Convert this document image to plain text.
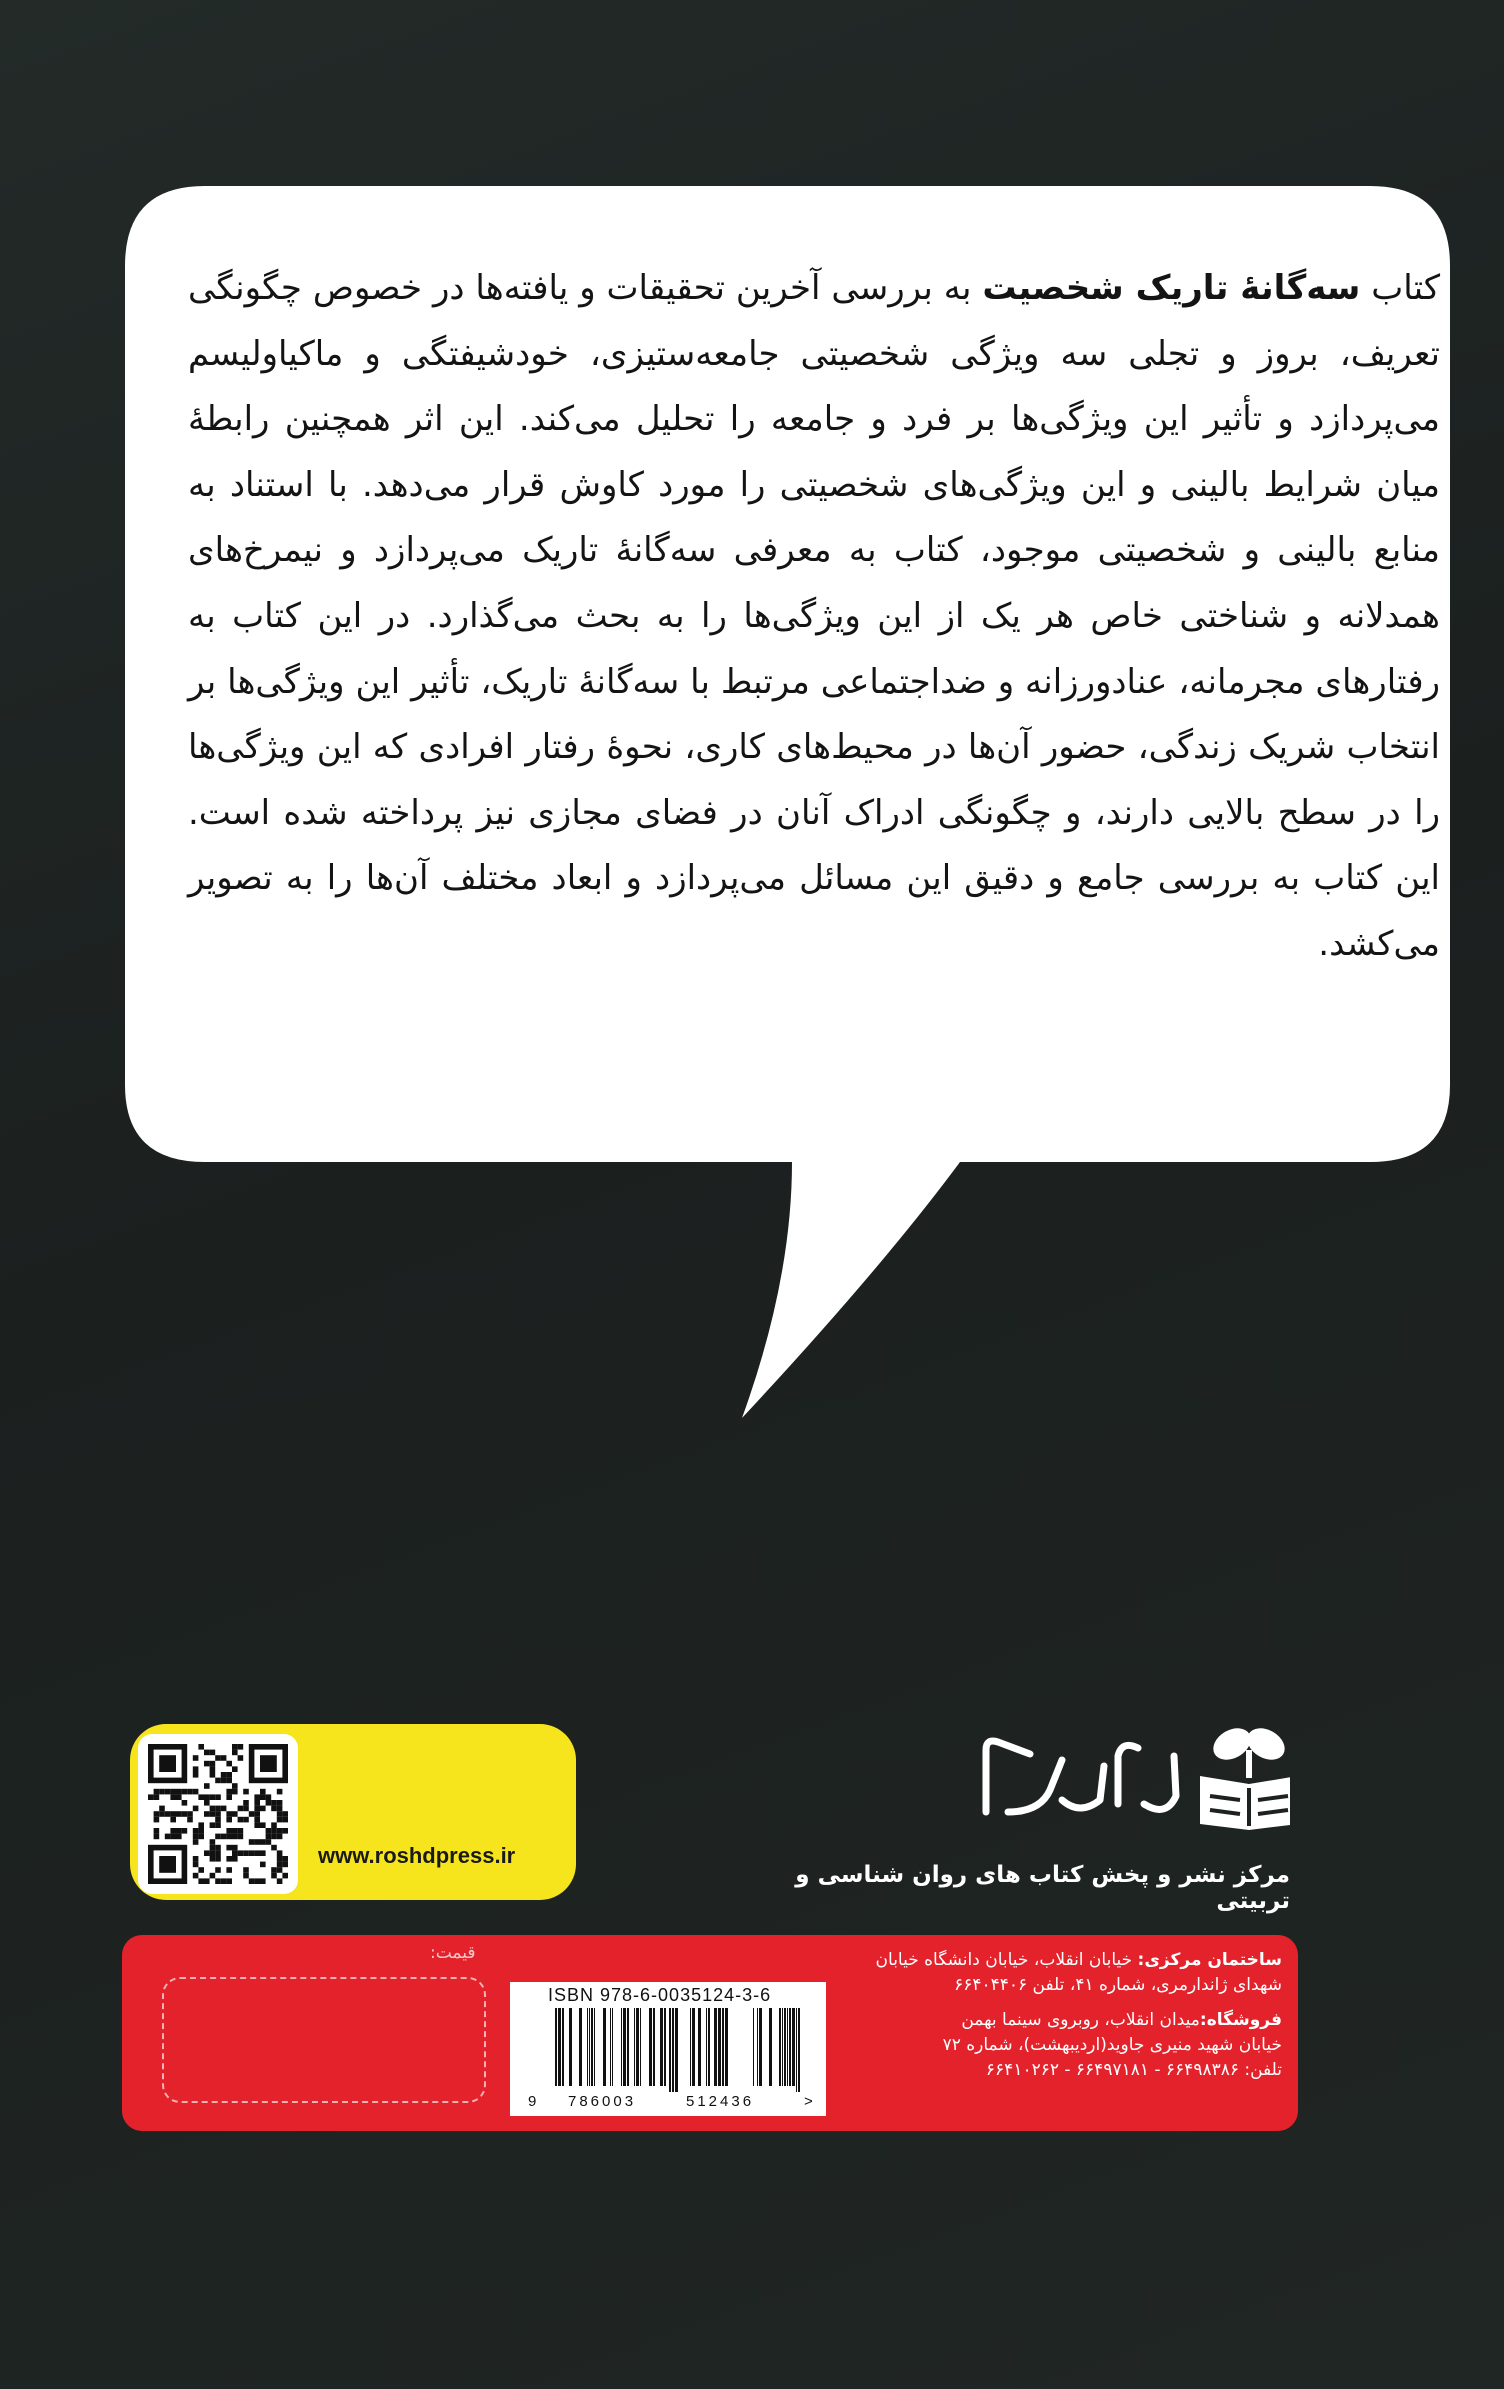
کتاب سه‌گانهٔ تاریک شخصیت به بررسی آخرین تحقیقات و یافته‌ها در خصوص چگونگی تعریف، بروز و تجلی سه ویژگی شخصیتی جامعه‌ستیزی، خودشیفتگی و ماکیاولیسم می‌پردازد و تأثیر این ویژگی‌ها بر فرد و جامعه را تحلیل می‌کند. این اثر همچنین رابطهٔ میان شرایط بالینی و این ویژگی‌های شخصیتی را مورد کاوش قرار می‌دهد. با استناد به منابع بالینی و شخصیتی موجود، کتاب به معرفی سه‌گانهٔ تاریک می‌پردازد و نیمرخ‌های همدلانه و شناختی خاص هر یک از این ویژگی‌ها را به بحث می‌گذارد. در این کتاب به رفتارهای مجرمانه، عنادورزانه و ضداجتماعی مرتبط با سه‌گانهٔ تاریک، تأثیر این ویژگی‌ها بر انتخاب شریک زندگی، حضور آن‌ها در محیط‌های کاری، نحوهٔ رفتار افرادی که این ویژگی‌ها را در سطح بالایی دارند، و چگونگی ادراک آنان در فضای مجازی نیز پرداخته شده است. این کتاب به بررسی جامع و دقیق این مسائل می‌پردازد و ابعاد مختلف آن‌ها را به تصویر می‌کشد.

مرکز نشر و پخش کتاب های روان شناسی و تربیتی
www.roshdpress.ir
قیمت:
ISBN 978-6-0035124-3-6
9 786003	512436	>
ساختمان مرکزی: خیابان انقلاب، خیابان دانشگاه خیابان
شهدای ژاندارمری، شماره ۴۱، تلفن ۶۶۴۰۴۴۰۶
فروشگاه:میدان انقلاب، روبروی سینما بهمن
خیابان شهید منیری جاوید(اردیبهشت)، شماره ۷۲
تلفن: ۶۶۴۹۸۳۸۶ - ۶۶۴۹۷۱۸۱ - ۶۶۴۱۰۲۶۲
